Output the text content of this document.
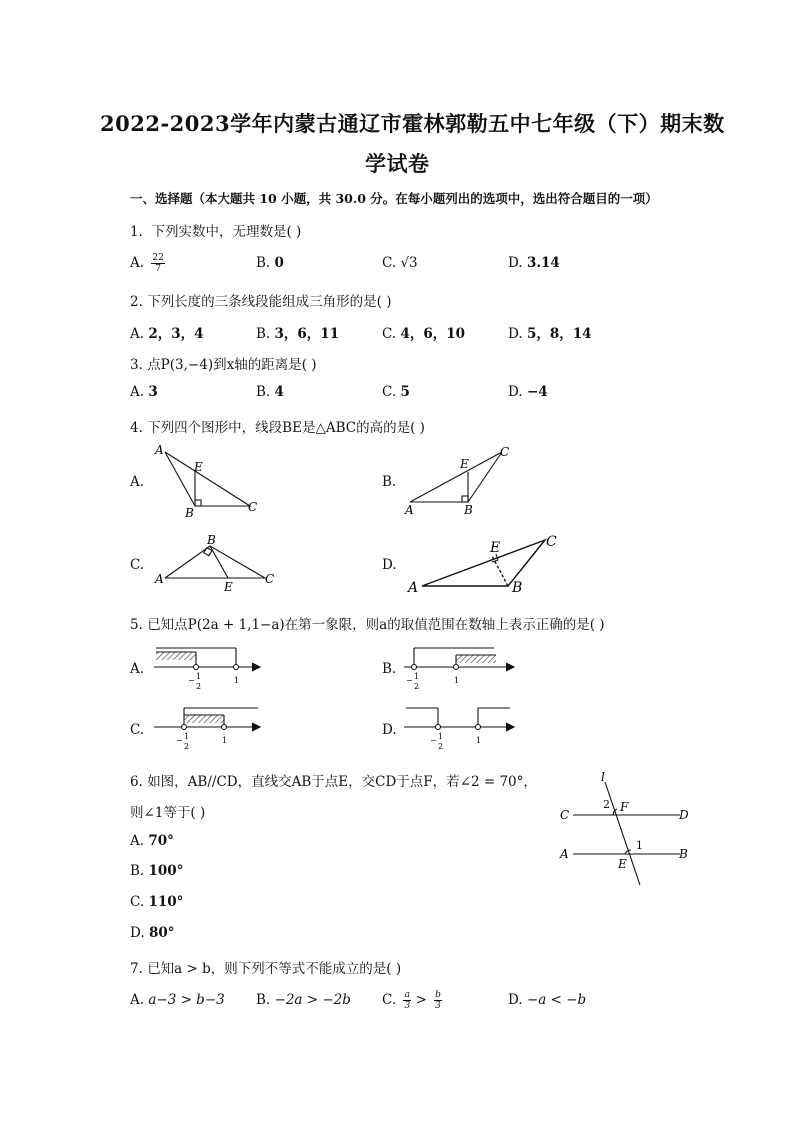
2022-2023学年内蒙古通辽市霍林郭勒五中七年级（下）期末数
学试卷
一、选择题（本大题共 10 小题，共 30.0 分。在每小题列出的选项中，选出符合题目的一项）
1. 下列实数中，无理数是( )
A. $\frac{22}{7}$	B. 0	C. √3	D. 3.14
2. 下列长度的三条线段能组成三角形的是( )
A. 2，3，4	B. 3，6，11	C. 4，6，10	D. 5，8，14
3. 点P(3,−4)到x轴的距离是( )
A. 3	B. 4	C. 5	D. −4
4. 下列四个图形中，线段BE是△ABC的高的是( )
A.	B.
C.	D.
A
E
B	C
C
E
A	B
B
A
E
C
A
E	C
B
5. 已知点P(2a + 1,1−a)在第一象限，则a的取值范围在数轴上表示正确的是( )
A.	B.
C.	D.
− 1
2
1	− 1
2
1
− 1
2
1	− 1
2
1
6. 如图，AB//CD，直线交AB于点E，交CD于点F，若∠2 = 70°，
则∠1等于( )
A. 70°
B. 100°
C. 110°
D. 80°
l
C
2 F
D
A
1
B
E
7. 已知a > b，则下列不等式不能成立的是( )
A. a−3 > b−3 B. −2a > −2b C. $\frac{a}{3} > \frac{b}{3}$	D. −a < −b
